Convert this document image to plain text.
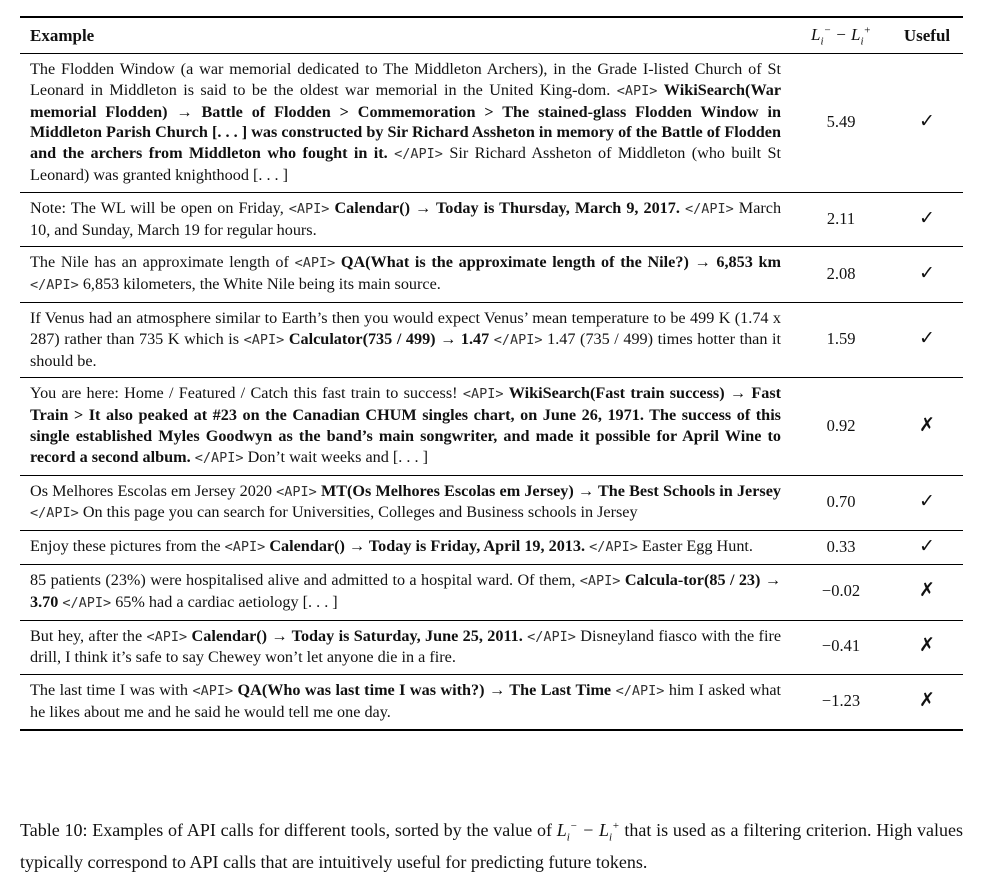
Example	$L_i^- - L_i^+$	Useful
The Flodden Window (a war memorial dedicated to The Middleton Archers), in the Grade I-listed Church of St Leonard in Middleton is said to be the oldest war memorial in the United King-dom. <API> WikiSearch(War memorial Flodden) → Battle of Flodden > Commemoration > The stained-glass Flodden Window in Middleton Parish Church [. . . ] was constructed by Sir Richard Assheton in memory of the Battle of Flodden and the archers from Middleton who fought in it. </API> Sir Richard Assheton of Middleton (who built St Leonard) was granted knighthood [. . . ]	5.49	✓
Note: The WL will be open on Friday, <API> Calendar() → Today is Thursday, March 9, 2017. </API> March 10, and Sunday, March 19 for regular hours.	2.11	✓
The Nile has an approximate length of <API> QA(What is the approximate length of the Nile?) → 6,853 km </API> 6,853 kilometers, the White Nile being its main source.	2.08	✓
If Venus had an atmosphere similar to Earth’s then you would expect Venus’ mean temperature to be 499 K (1.74 x 287) rather than 735 K which is <API> Calculator(735 / 499) → 1.47 </API> 1.47 (735 / 499) times hotter than it should be.	1.59	✓
You are here: Home / Featured / Catch this fast train to success! <API> WikiSearch(Fast train success) → Fast Train > It also peaked at #23 on the Canadian CHUM singles chart, on June 26, 1971. The success of this single established Myles Goodwyn as the band’s main songwriter, and made it possible for April Wine to record a second album. </API> Don’t wait weeks and [. . . ]	0.92	✗
Os Melhores Escolas em Jersey 2020 <API> MT(Os Melhores Escolas em Jersey) → The Best Schools in Jersey </API> On this page you can search for Universities, Colleges and Business schools in Jersey	0.70	✓
Enjoy these pictures from the <API> Calendar() → Today is Friday, April 19, 2013. </API> Easter Egg Hunt.	0.33	✓
85 patients (23%) were hospitalised alive and admitted to a hospital ward. Of them, <API> Calcula-tor(85 / 23) → 3.70 </API> 65% had a cardiac aetiology [. . . ]	−0.02	✗
But hey, after the <API> Calendar() → Today is Saturday, June 25, 2011. </API> Disneyland fiasco with the fire drill, I think it’s safe to say Chewey won’t let anyone die in a fire.	−0.41	✗
The last time I was with <API> QA(Who was last time I was with?) → The Last Time </API> him I asked what he likes about me and he said he would tell me one day.	−1.23	✗
Table 10: Examples of API calls for different tools, sorted by the value of $L_i^- - L_i^+$ that is used as a filtering criterion. High values typically correspond to API calls that are intuitively useful for predicting future tokens.
